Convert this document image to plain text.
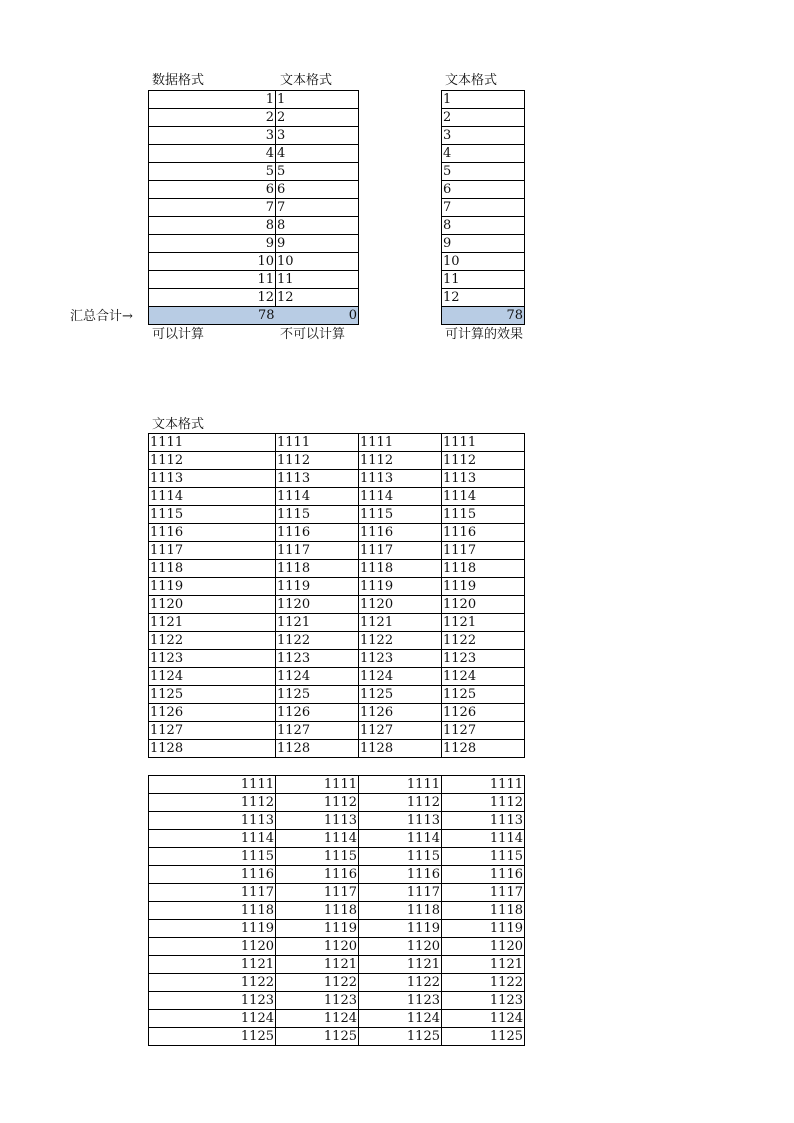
数据格式	文本格式	文本格式
1	1
2	2
3	3
4	4
5	5
6	6
7	7
8	8
9	9
10	10
11	11
12	12
78	0
1
2
3
4
5
6
7
8
9
10
11
12
78
汇总合计→
可以计算	不可以计算	可计算的效果
文本格式
1111	1111	1111	1111
1112	1112	1112	1112
1113	1113	1113	1113
1114	1114	1114	1114
1115	1115	1115	1115
1116	1116	1116	1116
1117	1117	1117	1117
1118	1118	1118	1118
1119	1119	1119	1119
1120	1120	1120	1120
1121	1121	1121	1121
1122	1122	1122	1122
1123	1123	1123	1123
1124	1124	1124	1124
1125	1125	1125	1125
1126	1126	1126	1126
1127	1127	1127	1127
1128	1128	1128	1128
1111	1111	1111	1111
1112	1112	1112	1112
1113	1113	1113	1113
1114	1114	1114	1114
1115	1115	1115	1115
1116	1116	1116	1116
1117	1117	1117	1117
1118	1118	1118	1118
1119	1119	1119	1119
1120	1120	1120	1120
1121	1121	1121	1121
1122	1122	1122	1122
1123	1123	1123	1123
1124	1124	1124	1124
1125	1125	1125	1125
